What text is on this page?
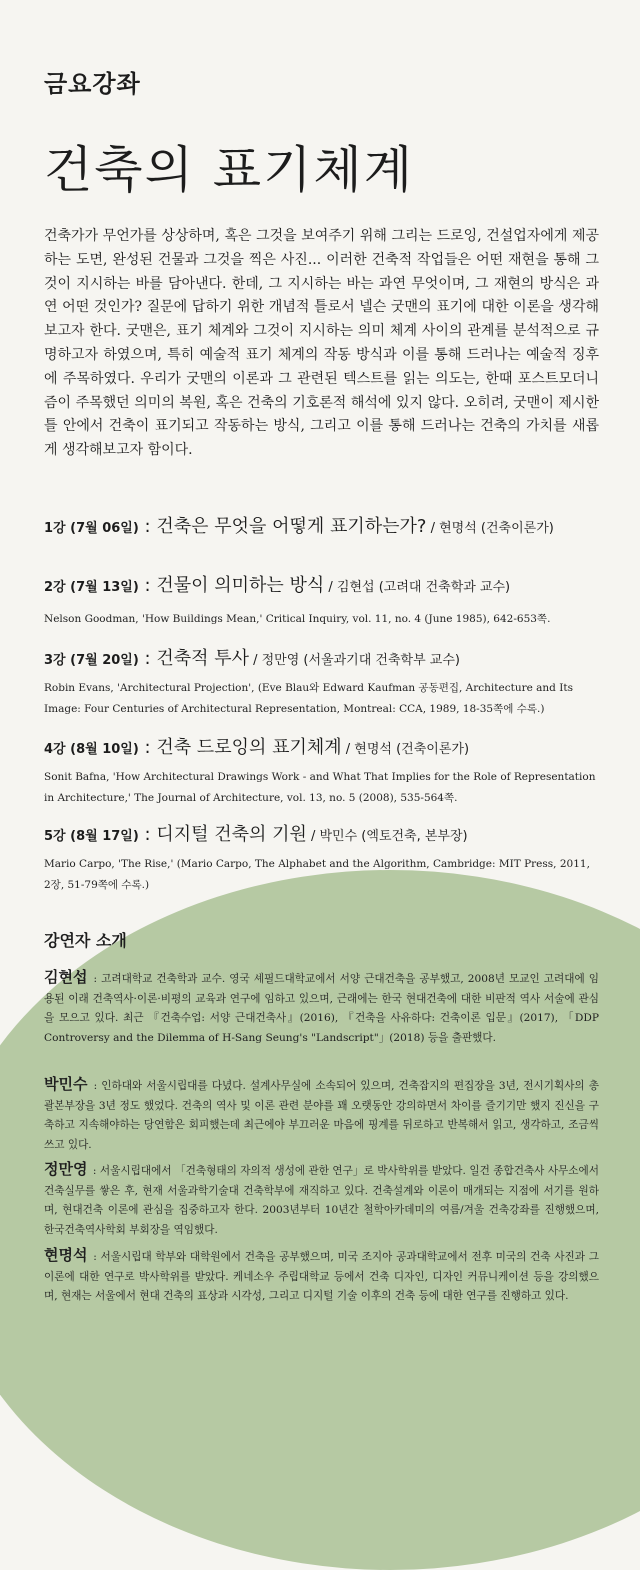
금요강좌
건축의 표기체계

건축가가 무언가를 상상하며, 혹은 그것을 보여주기 위해 그리는 드로잉, 건설업자에게 제공하는 도면, 완성된 건물과 그것을 찍은 사진... 이러한 건축적 작업들은 어떤 재현을 통해 그것이 지시하는 바를 담아낸다. 한데, 그 지시하는 바는 과연 무엇이며, 그 재현의 방식은 과연 어떤 것인가? 질문에 답하기 위한 개념적 틀로서 넬슨 굿맨의 표기에 대한 이론을 생각해보고자 한다. 굿맨은, 표기 체계와 그것이 지시하는 의미 체계 사이의 관계를 분석적으로 규명하고자 하였으며, 특히 예술적 표기 체계의 작동 방식과 이를 통해 드러나는 예술적 징후에 주목하였다. 우리가 굿맨의 이론과 그 관련된 텍스트를 읽는 의도는, 한때 포스트모더니즘이 주목했던 의미의 복원, 혹은 건축의 기호론적 해석에 있지 않다. 오히려, 굿맨이 제시한 틀 안에서 건축이 표기되고 작동하는 방식, 그리고 이를 통해 드러나는 건축의 가치를 새롭게 생각해보고자 함이다.

1강 (7월 06일) : 건축은 무엇을 어떻게 표기하는가? / 현명석 (건축이론가)
2강 (7월 13일) : 건물이 의미하는 방식 / 김현섭 (고려대 건축학과 교수)
Nelson Goodman, 'How Buildings Mean,' Critical Inquiry, vol. 11, no. 4 (June 1985), 642-653쪽.
3강 (7월 20일) : 건축적 투사 / 정만영 (서울과기대 건축학부 교수)
Robin Evans, 'Architectural Projection', (Eve Blau와 Edward Kaufman 공동편집, Architecture and Its Image: Four Centuries of Architectural Representation, Montreal: CCA, 1989, 18-35쪽에 수록.)
4강 (8월 10일) : 건축 드로잉의 표기체계 / 현명석 (건축이론가)
Sonit Bafna, 'How Architectural Drawings Work - and What That Implies for the Role of Representation in Architecture,' The Journal of Architecture, vol. 13, no. 5 (2008), 535-564쪽.
5강 (8월 17일) : 디지털 건축의 기원 / 박민수 (엑토건축, 본부장)
Mario Carpo, 'The Rise,' (Mario Carpo, The Alphabet and the Algorithm, Cambridge: MIT Press, 2011, 2장, 51-79쪽에 수록.)
강연자 소개
김현섭 : 고려대학교 건축학과 교수. 영국 셰필드대학교에서 서양 근대건축을 공부했고, 2008년 모교인 고려대에 임용된 이래 건축역사·이론·비평의 교육과 연구에 임하고 있으며, 근래에는 한국 현대건축에 대한 비판적 역사 서술에 관심을 모으고 있다. 최근 『건축수업: 서양 근대건축사』(2016), 『건축을 사유하다: 건축이론 입문』(2017), 「DDP Controversy and the Dilemma of H-Sang Seung's "Landscript"」(2018) 등을 출판했다.
박민수 : 인하대와 서울시립대를 다녔다. 설계사무실에 소속되어 있으며, 건축잡지의 편집장을 3년, 전시기획사의 총괄본부장을 3년 정도 했었다. 건축의 역사 및 이론 관련 분야를 꽤 오랫동안 강의하면서 차이를 즐기기만 했지 진신을 구축하고 지속해야하는 당연함은 회피했는데 최근에야 부끄러운 마음에 핑계를 뒤로하고 반복해서 읽고, 생각하고, 조금씩 쓰고 있다.
정만영 : 서울시립대에서 「건축형태의 자의적 생성에 관한 연구」로 박사학위를 받았다. 일건 종합건축사 사무소에서 건축실무를 쌓은 후, 현재 서울과학기술대 건축학부에 재직하고 있다. 건축설계와 이론이 매개되는 지점에 서기를 원하며, 현대건축 이론에 관심을 집중하고자 한다. 2003년부터 10년간 철학아카데미의 여름/겨울 건축강좌를 진행했으며, 한국건축역사학회 부회장을 역임했다.
현명석 : 서울시립대 학부와 대학원에서 건축을 공부했으며, 미국 조지아 공과대학교에서 전후 미국의 건축 사진과 그 이론에 대한 연구로 박사학위를 받았다. 케네소우 주립대학교 등에서 건축 디자인, 디자인 커뮤니케이션 등을 강의했으며, 현재는 서울에서 현대 건축의 표상과 시각성, 그리고 디지털 기술 이후의 건축 등에 대한 연구를 진행하고 있다.
